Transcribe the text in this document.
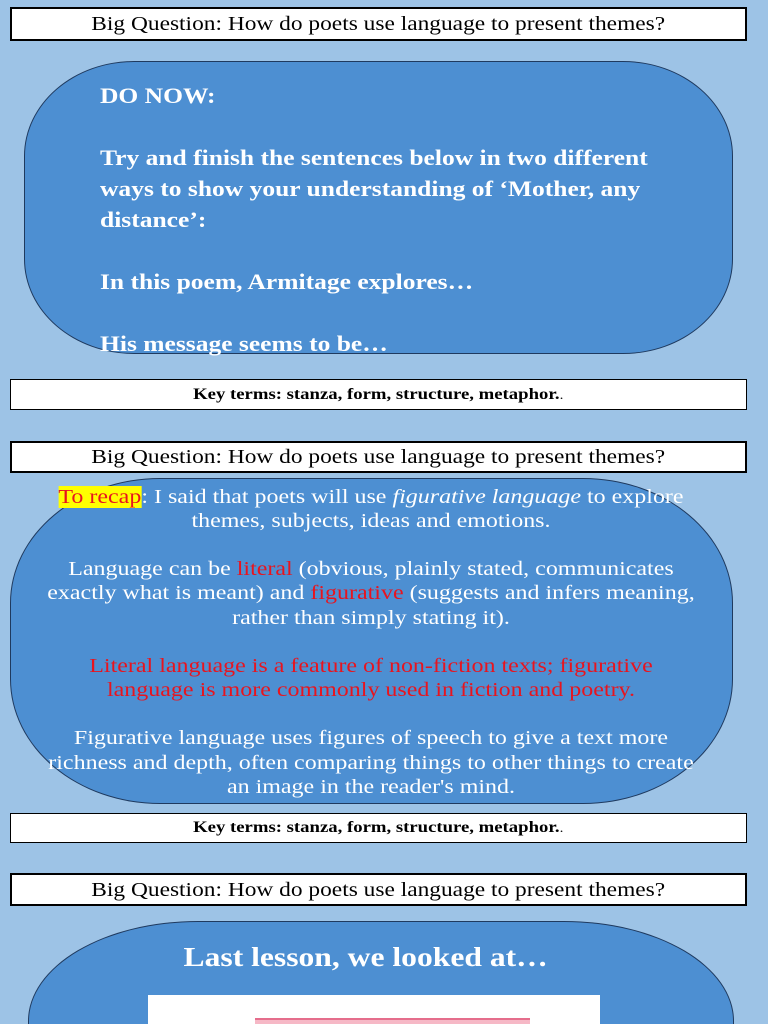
Big Question: How do poets use language to present themes?
DO NOW:
Try and finish the sentences below in two different
ways to show your understanding of ‘Mother, any
distance’:
In this poem, Armitage explores…
His message seems to be…
Key terms: stanza, form, structure, metaphor..
Big Question: How do poets use language to present themes?
To recap: I said that poets will use figurative language to explore
themes, subjects, ideas and emotions.
Language can be literal (obvious, plainly stated, communicates
exactly what is meant) and figurative (suggests and infers meaning,
rather than simply stating it).
Literal language is a feature of non-fiction texts; figurative
language is more commonly used in fiction and poetry.
Figurative language uses figures of speech to give a text more
richness and depth, often comparing things to other things to create
an image in the reader's mind.
Key terms: stanza, form, structure, metaphor..
Big Question: How do poets use language to present themes?
Last lesson, we looked at…
